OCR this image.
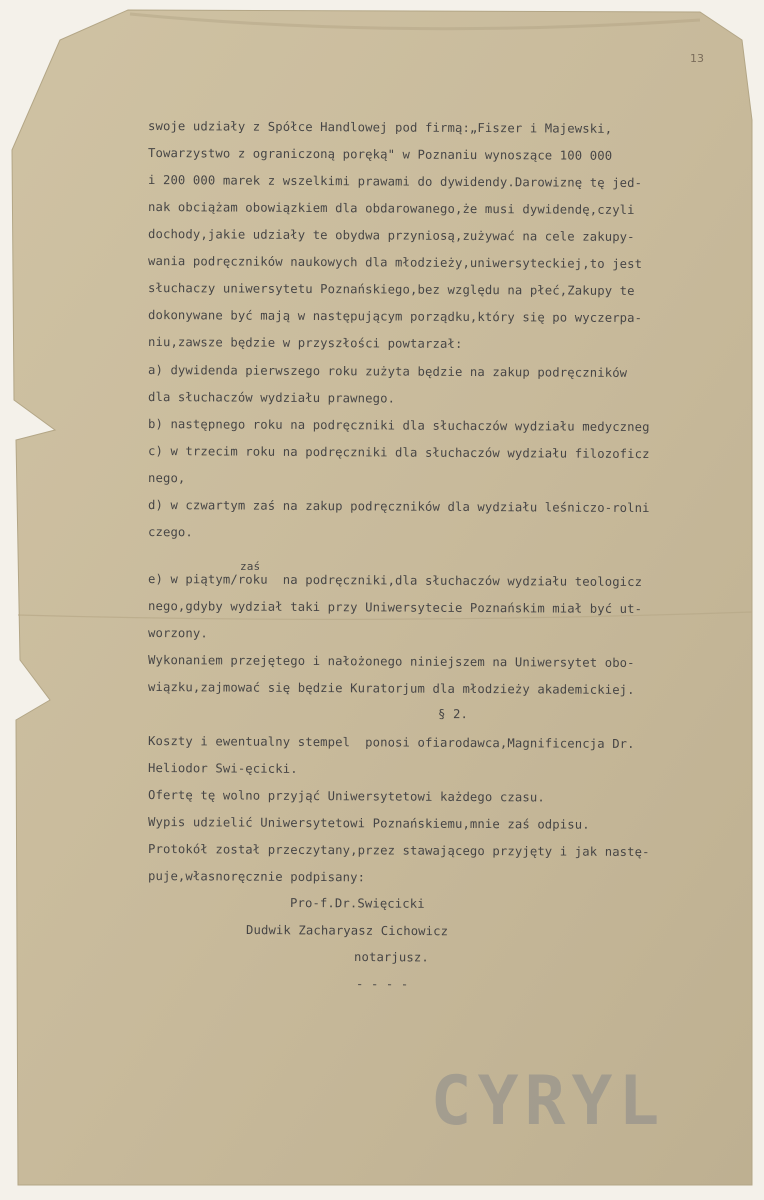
13
swoje udziały z Spółce Handlowej pod firmą:„Fiszer i Majewski,
Towarzystwo z ograniczoną poręką" w Poznaniu wynoszące 100 000
i 200 000 marek z wszelkimi prawami do dywidendy.Darowiznę tę jed-
nak obciążam obowiązkiem dla obdarowanego,że musi dywidendę,czyli
dochody,jakie udziały te obydwa przyniosą,zużywać na cele zakupy-
wania podręczników naukowych dla młodzieży,uniwersyteckiej,to jest
słuchaczy uniwersytetu Poznańskiego,bez względu na płeć,Zakupy te
dokonywane być mają w następującym porządku,który się po wyczerpa-
niu,zawsze będzie w przyszłości powtarzał:
a) dywidenda pierwszego roku zużyta będzie na zakup podręczników
dla słuchaczów wydziału prawnego.
b) następnego roku na podręczniki dla słuchaczów wydziału medyczneg
c) w trzecim roku na podręczniki dla słuchaczów wydziału filozoficz
nego,
d) w czwartym zaś na zakup podręczników dla wydziału leśniczo-rolni
czego.
zaś
e) w piątym/roku  na podręczniki,dla słuchaczów wydziału teologicz
nego,gdyby wydział taki przy Uniwersytecie Poznańskim miał być ut-
worzony.
Wykonaniem przejętego i nałożonego niniejszem na Uniwersytet obo-
wiązku,zajmować się będzie Kuratorjum dla młodzieży akademickiej.
§ 2.
Koszty i ewentualny stempel  ponosi ofiarodawca,Magnificencja Dr.
Heliodor Swi-ęcicki.
Ofertę tę wolno przyjąć Uniwersytetowi każdego czasu.
Wypis udzielić Uniwersytetowi Poznańskiemu,mnie zaś odpisu.
Protokół został przeczytany,przez stawającego przyjęty i jak nastę-
puje,własnoręcznie podpisany:
Pro-f.Dr.Swięcicki
Dudwik Zacharyasz Cichowicz
notarjusz.
- - - -
CYRYL
